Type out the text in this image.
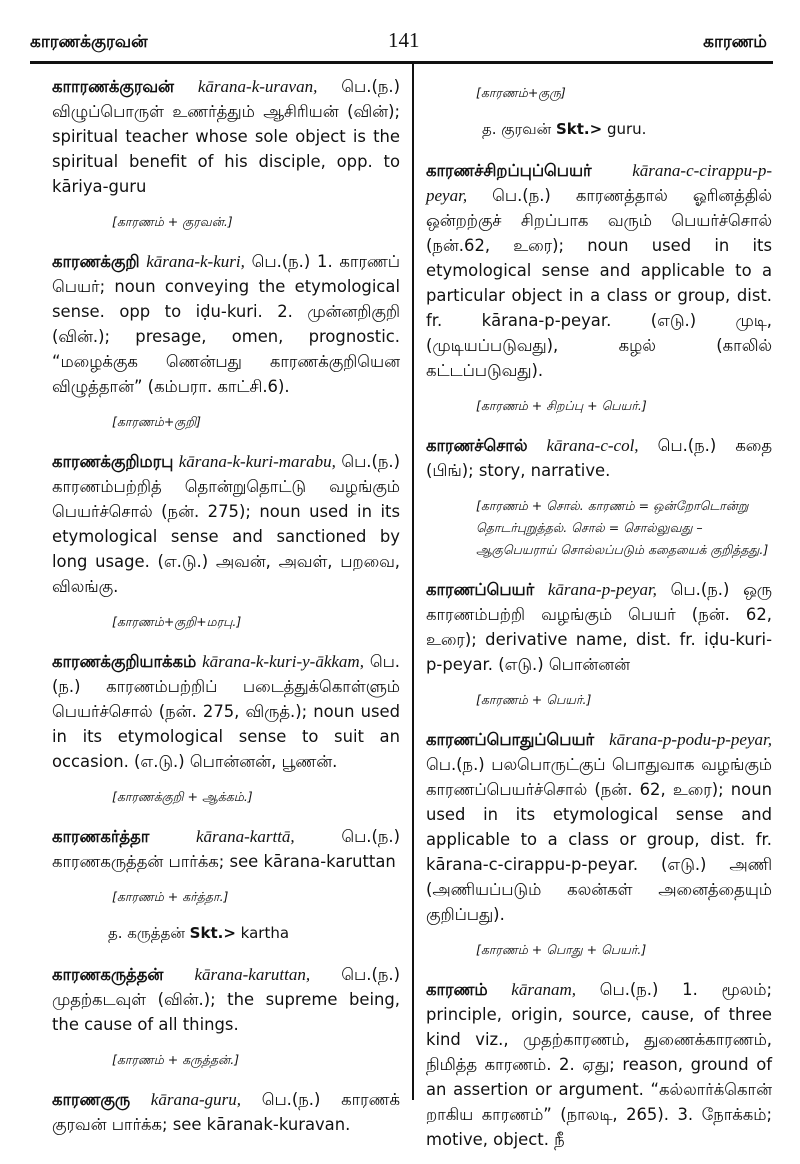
காரணக்குரவன்	141	காரணம்
காாரணக்குரவன் kārana-k-uravan, பெ.(ந.) விழுப்பொருள் உணர்த்தும் ஆசிரியன் (வின்); spiritual teacher whose sole object is the spiritual benefit of his disciple, opp. to kāriya-guru
[காரணம் + குரவன்.]
காரணக்குறி kārana-k-kuri, பெ.(ந.) 1. காரணப் பெயர்; noun conveying the etymological sense. opp to iḍu-kuri. 2. முன்னறிகுறி (வின்.); presage, omen, prognostic. “மழைக்குக ணென்பது காரணக்குறியென விழுத்தான்” (கம்பரா. காட்சி.6).
[காரணம்+குறி]
காரணக்குறிமரபு kārana-k-kuri-marabu, பெ.(ந.) காரணம்பற்றித் தொன்றுதொட்டு வழங்கும் பெயர்ச்சொல் (நன். 275); noun used in its etymological sense and sanctioned by long usage. (எ.டு.) அவன், அவள், பறவை, விலங்கு.
[காரணம்+குறி+மரபு.]
காரணக்குறியாக்கம் kārana-k-kuri-y-ākkam, பெ.(ந.) காரணம்பற்றிப் படைத்துக்கொள்ளும் பெயர்ச்சொல் (நன். 275, விருத்.); noun used in its etymological sense to suit an occasion. (எ.டு.) பொன்னன், பூணன்.
[காரணக்குறி + ஆக்கம்.]
காரணகர்த்தா	kārana-karttā,	பெ.(ந.) காரணகருத்தன் பார்க்க; see kārana-karuttan
[காரணம் + கர்த்தா.]
த. கருத்தன் Skt.> kartha
காரணகருத்தன் kārana-karuttan, பெ.(ந.) முதற்கடவுள் (வின்.); the supreme being, the cause of all things.
[காரணம் + கருத்தன்.]
காரணகுரு kārana-guru, பெ.(ந.) காரணக் குரவன் பார்க்க; see kāranak-kuravan.
[காரணம்+குரு]
த. குரவன் Skt.> guru.
காரணச்சிறப்புப்பெயர் kārana-c-cirappu-p-peyar, பெ.(ந.) காரணத்தால் ஓரினத்தில் ஒன்றற்குச் சிறப்பாக வரும் பெயர்ச்சொல் (நன்.62, உரை); noun used in its etymological sense and applicable to a particular object in a class or group, dist. fr. kārana-p-peyar. (எடு.) முடி, (முடியப்படுவது), கழல் (காலில் கட்டப்படுவது).
[காரணம் + சிறப்பு + பெயர்.]
காரணச்சொல் kārana-c-col, பெ.(ந.) கதை (பிங்); story, narrative.
[காரணம் + சொல். காரணம் = ஒன்றோடொன்று தொடர்புறுத்தல். சொல் = சொல்லுவது – ஆகுபெயராய் சொல்லப்படும் கதையைக் குறித்தது.]
காரணப்பெயர் kārana-p-peyar, பெ.(ந.) ஒரு காரணம்பற்றி வழங்கும் பெயர் (நன். 62, உரை); derivative name, dist. fr. iḍu-kuri-p-peyar. (எடு.) பொன்னன்
[காரணம் + பெயர்.]
காரணப்பொதுப்பெயர் kārana-p-podu-p-peyar, பெ.(ந.) பலபொருட்குப் பொதுவாக வழங்கும் காரணப்பெயர்ச்சொல் (நன். 62, உரை); noun used in its etymological sense and applicable to a class or group, dist. fr. kārana-c-cirappu-p-peyar. (எடு.) அணி (அணியப்படும் கலன்கள் அனைத்தையும் குறிப்பது).
[காரணம் + பொது + பெயர்.]
காரணம் kāranam, பெ.(ந.) 1. மூலம்; principle, origin, source, cause, of three kind viz., முதற்காரணம், துணைக்காரணம், நிமித்த காரணம். 2. ஏது; reason, ground of an assertion or argument. “கல்லார்க்கொன் றாகிய காரணம்” (நாலடி, 265). 3. நோக்கம்; motive, object. நீ
